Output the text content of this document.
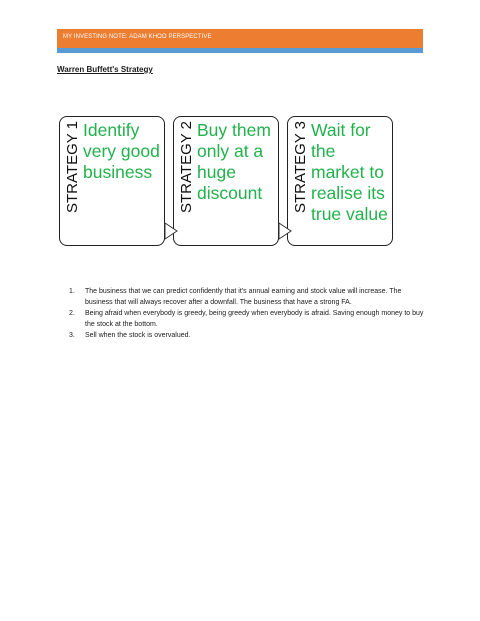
MY INVESTING NOTE: ADAM KHOO PERSPECTIVE
Warren Buffett's Strategy
STRATEGY 1 Identify very good business	STRATEGY 2 Buy them only at a huge discount	STRATEGY 3 Wait for the market to realise its true value
1. The business that we can predict confidently that it's annual earning and stock value will increase. The business that will always recover after a downfall. The business that have a strong FA.
2. Being afraid when everybody is greedy, being greedy when everybody is afraid. Saving enough money to buy the stock at the bottom.
3. Sell when the stock is overvalued.
